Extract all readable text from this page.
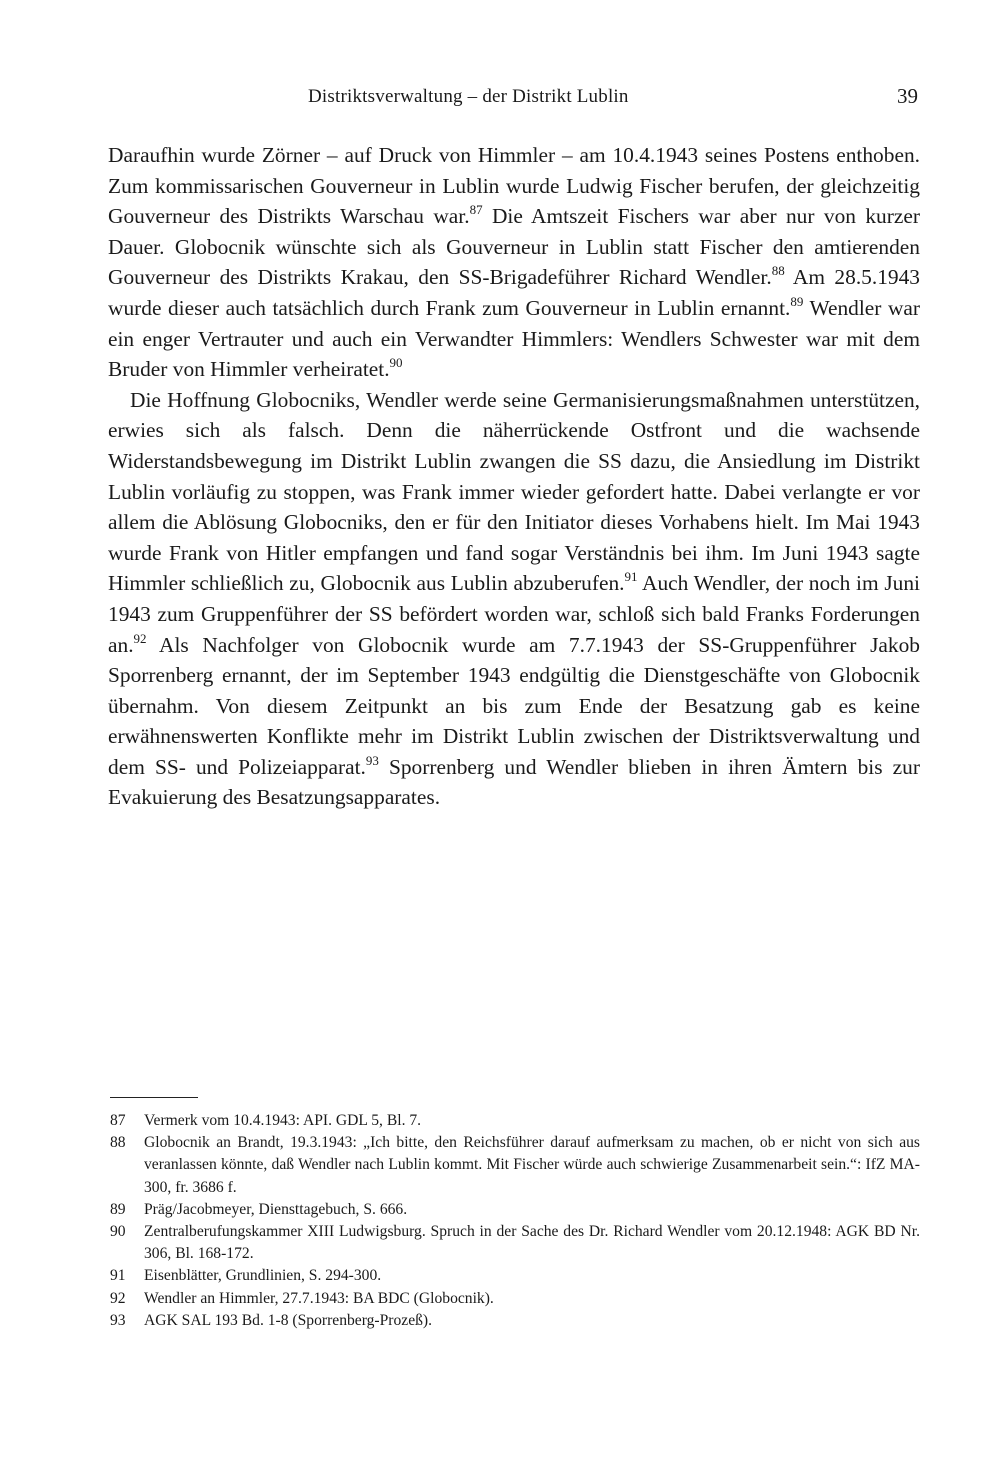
Distriktsverwaltung – der Distrikt Lublin	39

Daraufhin wurde Zörner – auf Druck von Himmler – am 10.4.1943 seines Postens enthoben. Zum kommissarischen Gouverneur in Lublin wurde Ludwig Fischer berufen, der gleichzeitig Gouverneur des Distrikts Warschau war.$^{87}$ Die Amtszeit Fischers war aber nur von kurzer Dauer. Globocnik wünschte sich als Gouverneur in Lublin statt Fischer den amtierenden Gouverneur des Distrikts Krakau, den SS-Brigadeführer Richard Wendler.$^{88}$ Am 28.5.1943 wurde dieser auch tatsächlich durch Frank zum Gouverneur in Lublin ernannt.$^{89}$ Wendler war ein enger Vertrauter und auch ein Verwandter Himmlers: Wendlers Schwester war mit dem Bruder von Himmler verheiratet.$^{90}$

Die Hoffnung Globocniks, Wendler werde seine Germanisierungsmaßnahmen unterstützen, erwies sich als falsch. Denn die näherrückende Ostfront und die wachsende Widerstandsbewegung im Distrikt Lublin zwangen die SS dazu, die Ansiedlung im Distrikt Lublin vorläufig zu stoppen, was Frank immer wieder gefordert hatte. Dabei verlangte er vor allem die Ablösung Globocniks, den er für den Initiator dieses Vorhabens hielt. Im Mai 1943 wurde Frank von Hitler empfangen und fand sogar Verständnis bei ihm. Im Juni 1943 sagte Himmler schließlich zu, Globocnik aus Lublin abzuberufen.$^{91}$ Auch Wendler, der noch im Juni 1943 zum Gruppenführer der SS befördert worden war, schloß sich bald Franks Forderungen an.$^{92}$ Als Nachfolger von Globocnik wurde am 7.7.1943 der SS-Gruppenführer Jakob Sporrenberg ernannt, der im September 1943 endgültig die Dienstgeschäfte von Globocnik übernahm. Von diesem Zeitpunkt an bis zum Ende der Besatzung gab es keine erwähnenswerten Konflikte mehr im Distrikt Lublin zwischen der Distriktsverwaltung und dem SS- und Polizeiapparat.$^{93}$ Sporrenberg und Wendler blieben in ihren Ämtern bis zur Evakuierung des Besatzungsapparates.

87	Vermerk vom 10.4.1943: API. GDL 5, Bl. 7.
88	Globocnik an Brandt, 19.3.1943: „Ich bitte, den Reichsführer darauf aufmerksam zu machen, ob er nicht von sich aus veranlassen könnte, daß Wendler nach Lublin kommt. Mit Fischer würde auch schwierige Zusammenarbeit sein.“: IfZ MA-300, fr. 3686 f.
89	Präg/Jacobmeyer, Diensttagebuch, S. 666.
90	Zentralberufungskammer XIII Ludwigsburg. Spruch in der Sache des Dr. Richard Wendler vom 20.12.1948: AGK BD Nr. 306, Bl. 168-172.
91	Eisenblätter, Grundlinien, S. 294-300.
92	Wendler an Himmler, 27.7.1943: BA BDC (Globocnik).
93	AGK SAL 193 Bd. 1-8 (Sporrenberg-Prozeß).
